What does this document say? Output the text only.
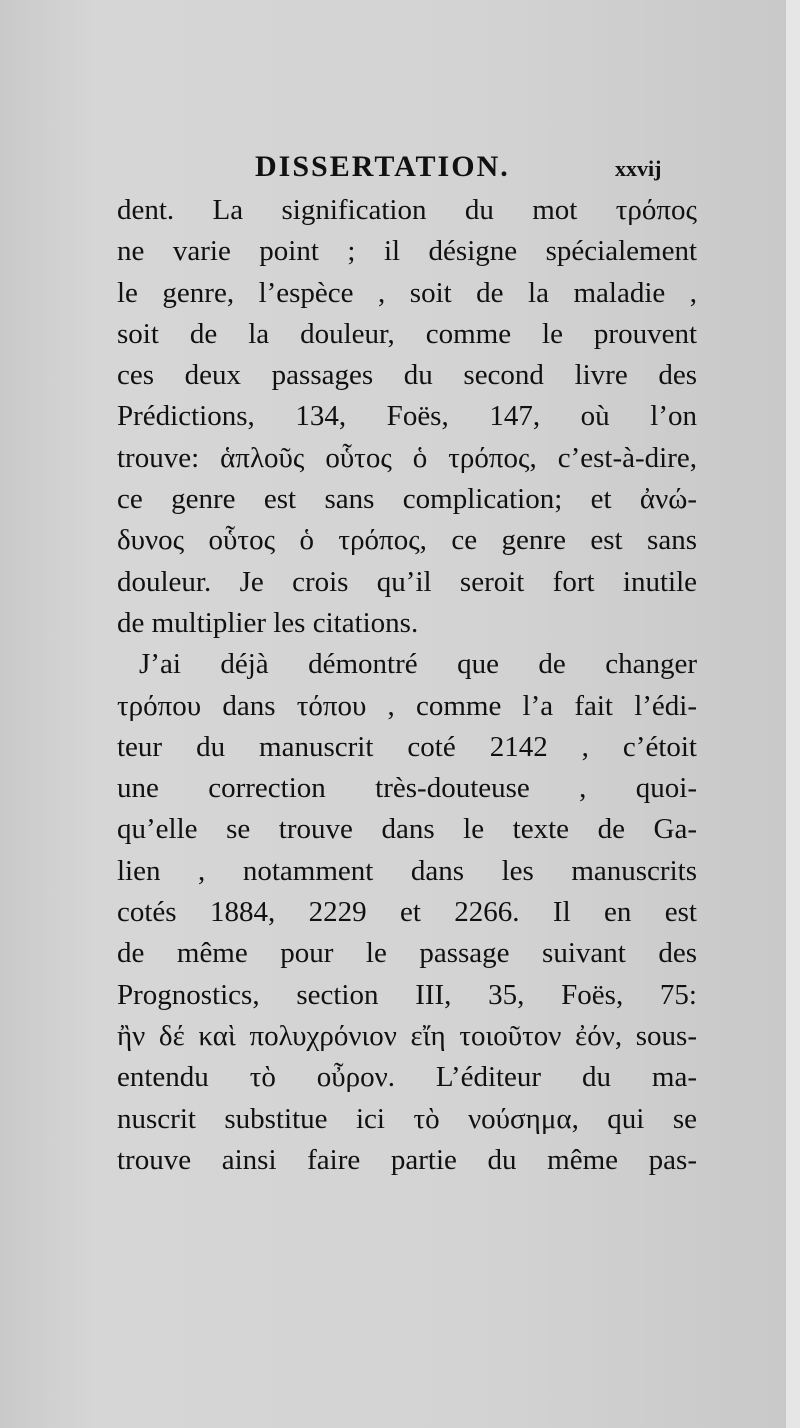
DISSERTATION.	xxvij
dent. La signification du mot τρόπος
ne varie point ; il désigne spécialement
le genre, l’espèce , soit de la maladie ,
soit de la douleur, comme le prouvent
ces deux passages du second livre des
Prédictions, 134, Foës, 147, où l’on
trouve: ἁπλοῦς οὗτος ὁ τρόπος, c’est-à-dire,
ce genre est sans complication; et ἀνώ-
δυνος οὗτος ὁ τρόπος, ce genre est sans
douleur. Je crois qu’il seroit fort inutile
de multiplier les citations.
J’ai déjà démontré que de changer
τρόπου dans τόπου , comme l’a fait l’édi-
teur du manuscrit coté 2142 , c’étoit
une correction très-douteuse , quoi-
qu’elle se trouve dans le texte de Ga-
lien , notamment dans les manuscrits
cotés 1884, 2229 et 2266. Il en est
de même pour le passage suivant des
Prognostics, section III, 35, Foës, 75:
ἢν δέ καὶ πολυχρόνιον εἴη τοιοῦτον ἐόν, sous-
entendu τὸ οὖρον. L’éditeur du ma-
nuscrit substitue ici τὸ νούσημα, qui se
trouve ainsi faire partie du même pas-
